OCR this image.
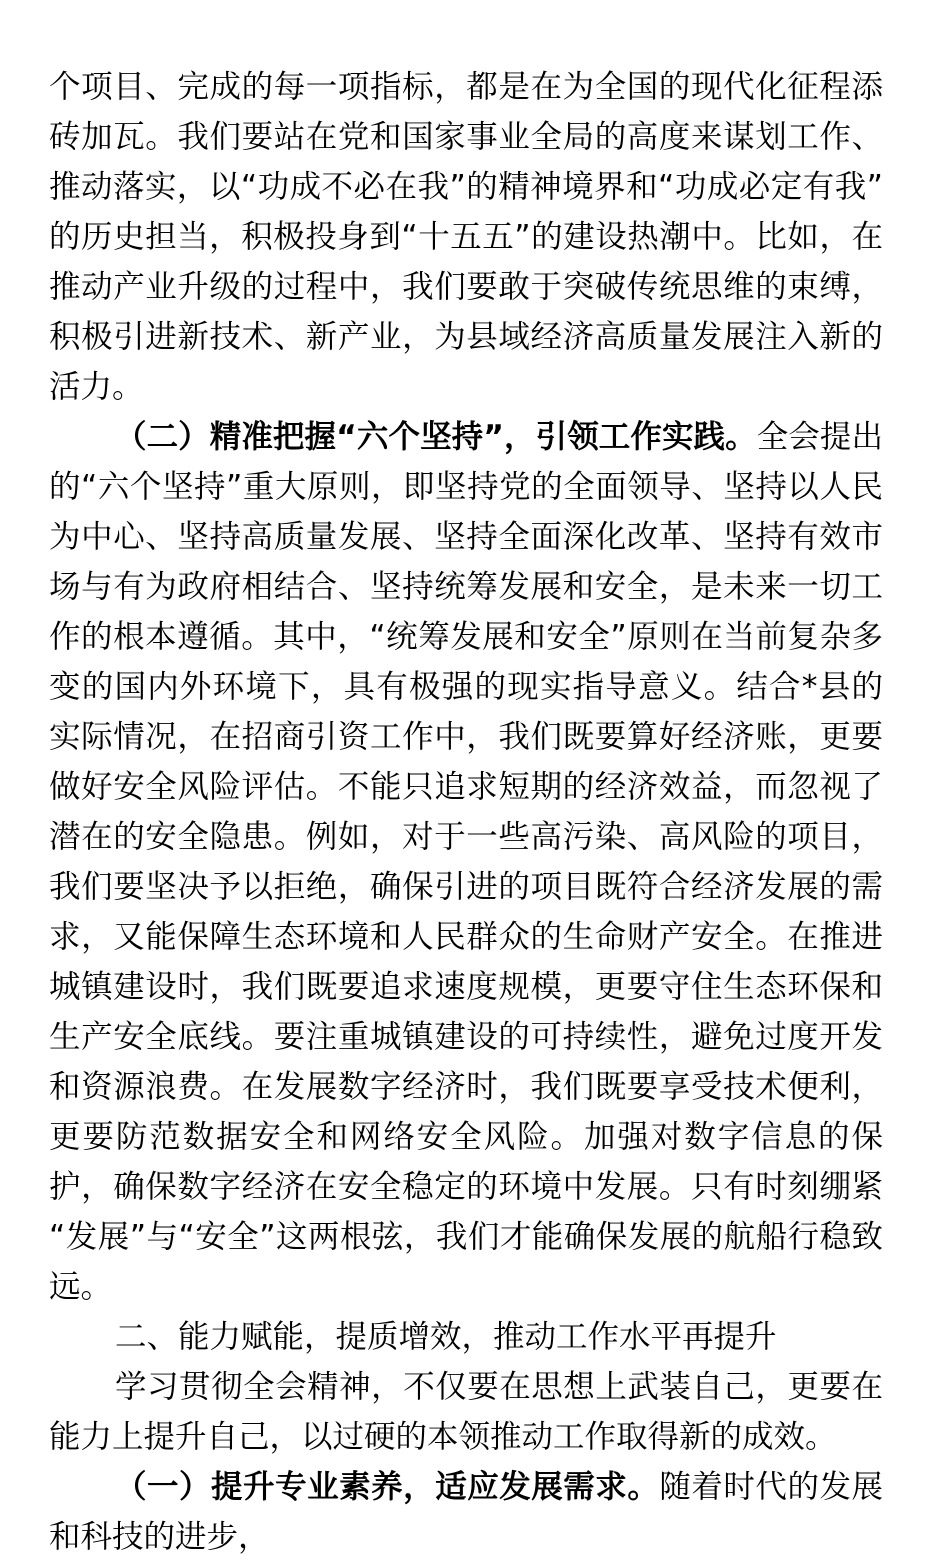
个项目、完成的每一项指标，都是在为全国的现代化征程添砖加瓦。我们要站在党和国家事业全局的高度来谋划工作、推动落实，以“功成不必在我”的精神境界和“功成必定有我”的历史担当，积极投身到“十五五”的建设热潮中。比如，在推动产业升级的过程中，我们要敢于突破传统思维的束缚，积极引进新技术、新产业，为县域经济高质量发展注入新的活力。

（二）精准把握“六个坚持”，引领工作实践。全会提出的“六个坚持”重大原则，即坚持党的全面领导、坚持以人民为中心、坚持高质量发展、坚持全面深化改革、坚持有效市场与有为政府相结合、坚持统筹发展和安全，是未来一切工作的根本遵循。其中，“统筹发展和安全”原则在当前复杂多变的国内外环境下，具有极强的现实指导意义。结合*县的实际情况，在招商引资工作中，我们既要算好经济账，更要做好安全风险评估。不能只追求短期的经济效益，而忽视了潜在的安全隐患。例如，对于一些高污染、高风险的项目，我们要坚决予以拒绝，确保引进的项目既符合经济发展的需求，又能保障生态环境和人民群众的生命财产安全。在推进城镇建设时，我们既要追求速度规模，更要守住生态环保和生产安全底线。要注重城镇建设的可持续性，避免过度开发和资源浪费。在发展数字经济时，我们既要享受技术便利，更要防范数据安全和网络安全风险。加强对数字信息的保护，确保数字经济在安全稳定的环境中发展。只有时刻绷紧“发展”与“安全”这两根弦，我们才能确保发展的航船行稳致远。

二、能力赋能，提质增效，推动工作水平再提升

学习贯彻全会精神，不仅要在思想上武装自己，更要在能力上提升自己，以过硬的本领推动工作取得新的成效。

（一）提升专业素养，适应发展需求。随着时代的发展和科技的进步，
